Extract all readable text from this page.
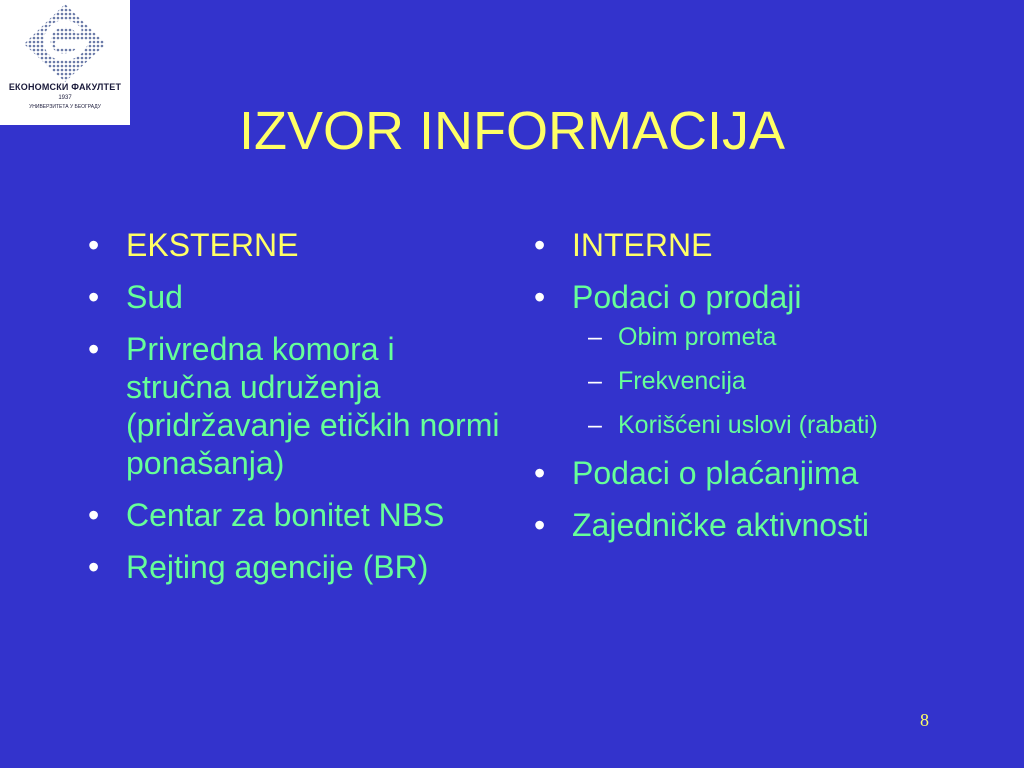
ЕКОНОМСКИ ФАКУЛТЕТ
1937
УНИВЕРЗИТЕТА У БЕОГРАДУ	IZVOR INFORMACIJA
• EKSTERNE
• Sud
• Privredna komora i stručna udruženja (pridržavanje etičkih normi ponašanja)
• Centar za bonitet NBS
• Rejting agencije (BR)
• INTERNE
• Podaci o prodaji
– Obim prometa
– Frekvencija
– Korišćeni uslovi (rabati)
• Podaci o plaćanjima
• Zajedničke aktivnosti
8
